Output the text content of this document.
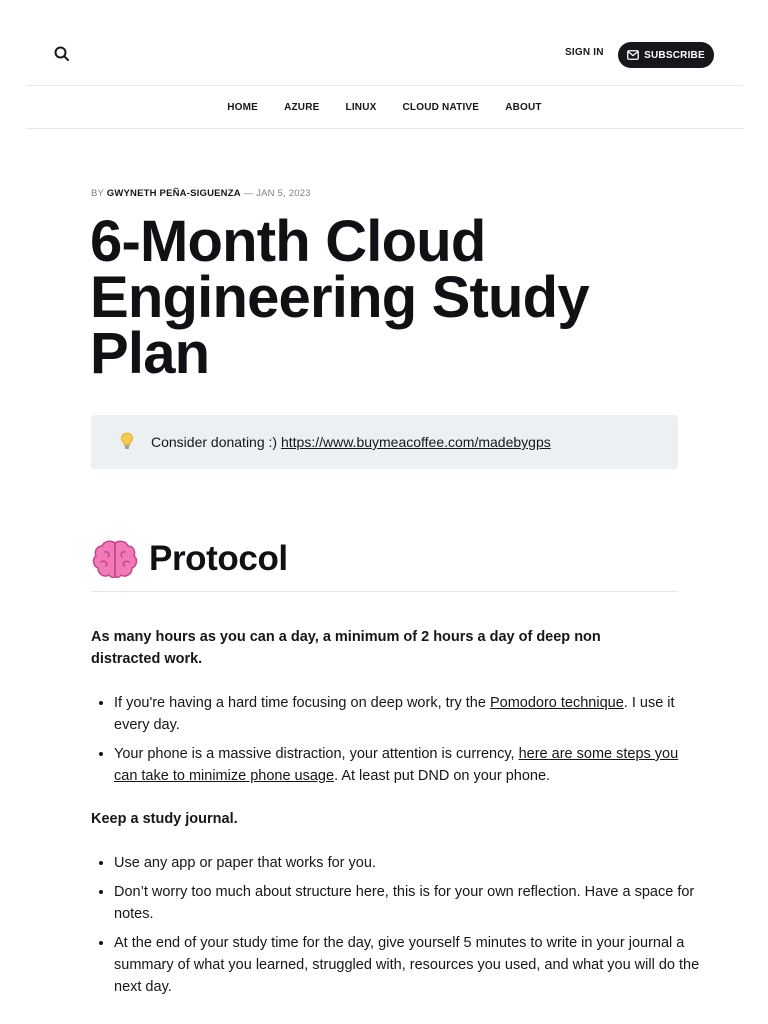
SIGN IN	SUBSCRIBE
HOME	AZURE	LINUX	CLOUD NATIVE	ABOUT
BY GWYNETH PEÑA-SIGUENZA — JAN 5, 2023
6-Month Cloud Engineering Study Plan
Consider donating :) https://www.buymeacoffee.com/madebygps
Protocol

As many hours as you can a day, a minimum of 2 hours a day of deep non distracted work.

• If you're having a hard time focusing on deep work, try the Pomodoro technique. I use it every day.
• Your phone is a massive distraction, your attention is currency, here are some steps you can take to minimize phone usage. At least put DND on your phone.

Keep a study journal.

• Use any app or paper that works for you.
• Don’t worry too much about structure here, this is for your own reflection. Have a space for notes.
• At the end of your study time for the day, give yourself 5 minutes to write in your journal a summary of what you learned, struggled with, resources you used, and what you will do the next day.
